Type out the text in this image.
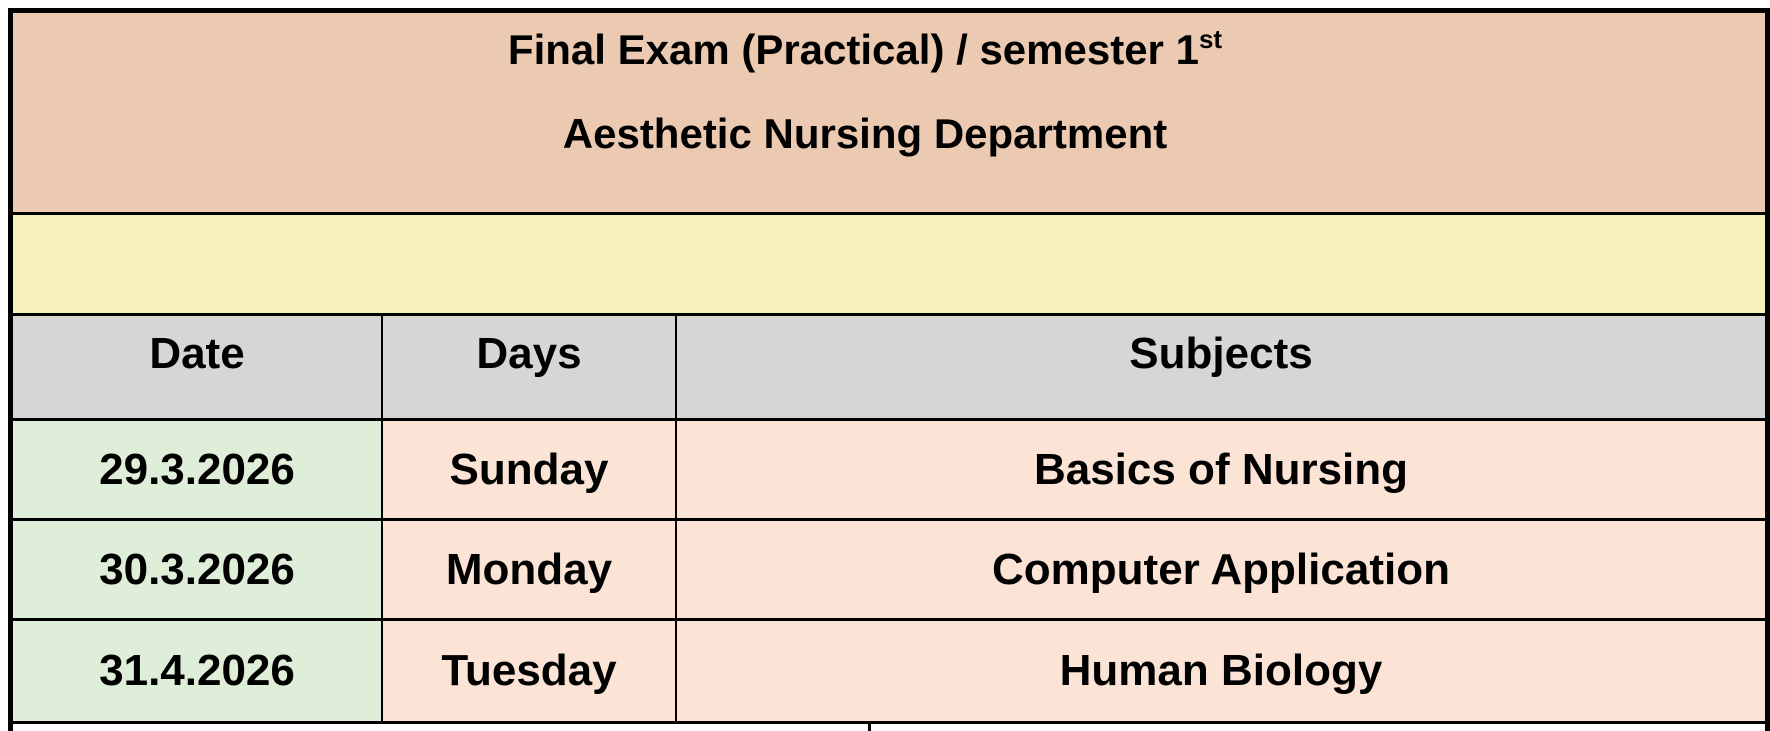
Final Exam (Practical) / semester 1st
Aesthetic Nursing Department
Date	Days	Subjects
29.3.2026	Sunday	Basics of Nursing
30.3.2026	Monday	Computer Application
31.4.2026	Tuesday	Human Biology
